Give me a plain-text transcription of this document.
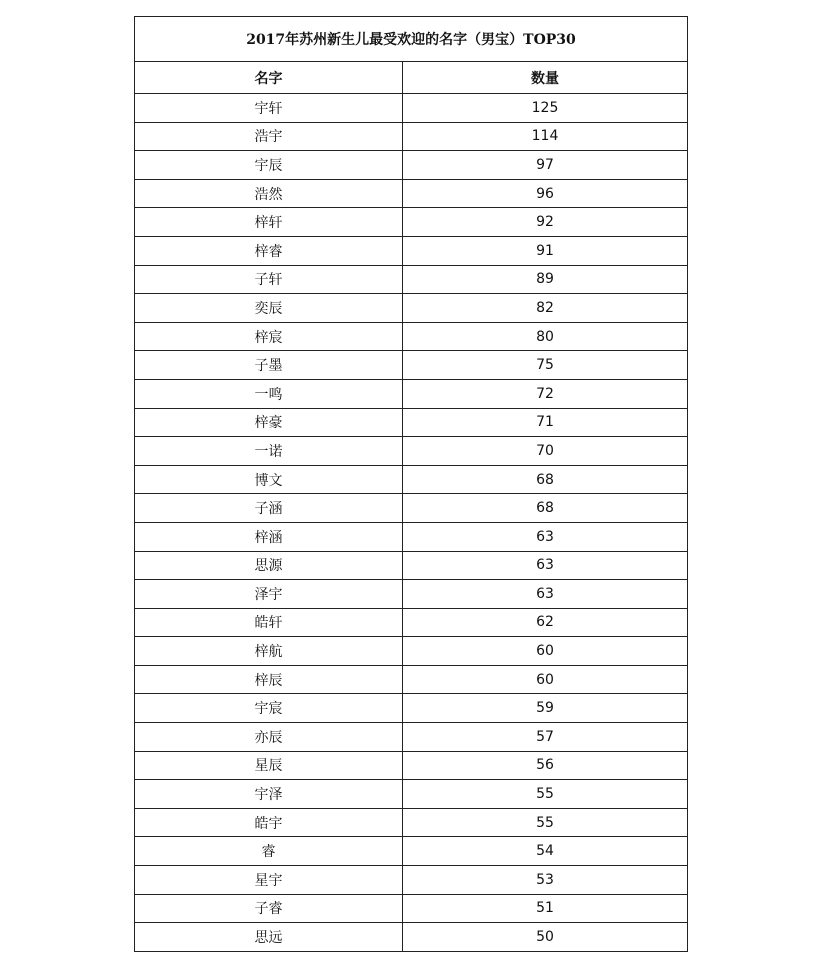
2017年苏州新生儿最受欢迎的名字（男宝）TOP30	
名字	数量
宇轩	125
浩宇	114
宇辰	97
浩然	96
梓轩	92
梓睿	91
子轩	89
奕辰	82
梓宸	80
子墨	75
一鸣	72
梓豪	71
一诺	70
博文	68
子涵	68
梓涵	63
思源	63
泽宇	63
皓轩	62
梓航	60
梓辰	60
宇宸	59
亦辰	57
星辰	56
宇泽	55
皓宇	55
睿	54
星宇	53
子睿	51
思远	50
